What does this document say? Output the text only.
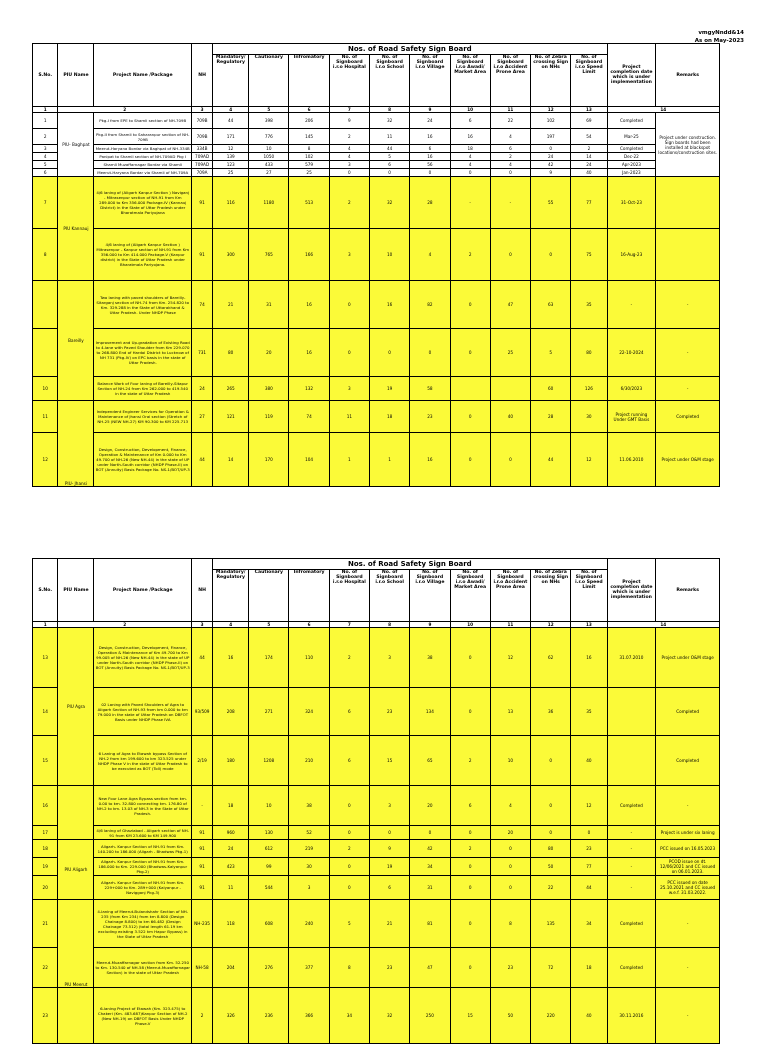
vmgyNndd&14
As on May-2023
S.No.	PIU Name	Project Name /Package	NH	Nos. of Road Safety Sign Board										Project completion date which is under implementation	Remarks
				Mandatory/ Regulatory	Cautionary	Infromatory	No. of Signboard i.r.o Hospital	No. of Signboard i.r.o School	No. of Signboard i.r.o Village	No. of Signboard i.r.o Awadi/ Market Area	No. of Signboard i.r.o Accident Prone Area	No. of Zebra crossing Sign on NHs	No. of Signboard i.r.o Speed Limit		
1	2		3	4	5	6	7	8	9	10	11	12	13	14	
1	PIU- Baghpat	Pkg-I from EPE to Shamli section of NH-709B	709B	44	398	206	9	32	24	6	22	102	69	Completed	Project under construction. Sign boards had been installed at blackspot locations/construction sites.
2		Pkg-II from Shamli to Saharanpur section of NH-709B	709B	171	776	145	2	11	16	16	4	197	54	Mar-25	
3		Meerut-Haryana Bordar via Baghpat of NH-334B	334B	12	10	8	4	44	6	18	6	0	2	Completed	
4		Panipat to Shamli section of NH-709AD Pkg I	709AD	139	1050	102	4	5	16	4	2	24	14	Dec-22	
5		Shamli Muzaffarnagar Bordar via Shamli	709AD	123	433	579	3	6	56	4	4	42	24	Apr-2023	
6		Meerut-Haryana Bordar via Shamli of NH-709A	709A	25	27	25	0	0	0	0	0	9	40	Jan-2023	
7	PIU Kannauj	4/6 laning of (Aligarh Kanpur Section ) Naviganj - Mitrasenpur section of NH-91 from Km 289.000 to Km 356.000 Package-IV (Kannauj District) in the State of Uttar Pradesh under Bharatmala Pariyojana	91	116	1180	513	2	32	28	-	-	55	77	31-Oct-23	
8		4/6 laning of (Aligarh Kanpur Section ) Mitrasenpur - Kanpur section of NH-91 from Km 356.000 to Km 414.000 Package-V (Kanpur district) in the State of Uttar Pradesh under Bharatmala Pariyojana.	91	300	765	166	3	10	4	2	0	0	75	16-Aug-23	
	Bareilly	Two laning with paved shoulders of Bareilly-Sitarganj section of NH-74 from Km. 254.820 to Km. 329.288 in the State of Uttarakhand & Uttar Pradesh. Under NHDP Phase	74	21	31	16	0	16	82	0	47	63	35	-	-
		Improvement and Up-gradation of Existing Road to 4-lane with Paved Shoulder from Km 229.070 to 268.800 End of Hardoi District to Lucknow of NH 731 (Pkg-IV) on EPC basis in the state of Uttar Pradesh.	731	80	20	16	0	0	0	0	25	5	80	22-10-2024	-
10		Balance Work of Four laning of Bareilly-Sitapur Section of NH-24 from Km 262.000 to 419.540 in the state of Uttar Pradesh	24	265	380	132	3	19	58			60	126	6/30/2023	-
11	PIU- Jhansi	Independent Engineer Services for Operation & Maintenance of Jhansi Orai section (Stretch of NH-25 (NEW NH-27) KM 90.300 to KM 225.713	27	121	119	74	11	18	23	0	40	28	30	Project running Under GMT Basis	Completed
12		Design, Construction, Development, Finance, Operation & Maintenance of Km 0.000 to Km 49.700 of NH-26 (New NH-44) in the state of UP under North-South corridor (NHDP Phase-II) on BOT (Annuity) Basis Package No. NS-1/BOT/UP-3	44	14	170	104	1	1	16	0	0	44	12	11.06.2010	Project under O&M stage
S.No.	PIU Name	Project Name /Package	NH	Nos. of Road Safety Sign Board										Project completion date which is under implementation	Remarks
				Mandatory/ Regulatory	Cautionary	Infromatory	No. of Signboard i.r.o Hospital	No. of Signboard i.r.o School	No. of Signboard i.r.o Village	No. of Signboard i.r.o Awadi/ Market Area	No. of Signboard i.r.o Accident Prone Area	No. of Zebra crossing Sign on NHs	No. of Signboard i.r.o Speed Limit		
1	2		3	4	5	6	7	8	9	10	11	12	13	14	
13	PIU Agra	Design, Construction, Development, Finance, Operation & Maintenance of Km 49.700 to Km 99.005 of NH-26 (New NH-44) in the state of UP under North-South corridor (NHDP Phase-II) on BOT (Annuity) Basis Package No. NS-1/BOT/UP-3	44	16	174	110	2	3	38	0	12	62	16	31.07.2010	Project under O&M stage
14		02 Laning with Paved Shoulders of Agra to Aligarh Section of NH-93 from km 0.000 to km 79.000 in the state of Uttar Pradesh on DBFOT Basis under NHDP Phase IVA	93/509	208	271	324	6	23	134	0	13	36	35		Completed
15		6 Laning of Agra to Etawah bypass Section of NH-2 from km 199.600 to km 323.525 under NHDP Phase V in the state of Uttar Pradesh to be executed as BOT (Toll) mode	2/19	180	1208	210	6	15	65	2	10	0	40		Completed
16		New Four Lane Agra Bypass section from km. 0.00 to km. 32.800 connecting km. 176.80 of NH-2 to km. 13.03 of NH-3 in the State of Uttar Pradesh.	-	18	10	38	0	3	20	6	4	0	12	Completed	-
17		4/6 laning of Ghaziabad - Aligarh section of NH-91 from KM 23.600 to KM 149.900	91	960	130	52	0	0	0	0	20	0	0	-	Project is under six laning
18	PIU Aligarh	Aligarh- Kanpur Section of NH-91 from Km. 140.200 to 186.000 (Aligarh - Bhadwas Pkg-1)	91	24	612	219	2	9	42	2	0	80	23	-	PCC issued on 16.05.2023
19		Aligarh- Kanpur Section of NH-91 from Km. 186.000 to Km. 229.000 (Bhadwas-Kalyanpur Pkg-2)	91	423	99	30	0	19	34	0	0	50	77	-	PCOD issue on dt. 12/06/2021 and CC issued on 06.01.2023.
20		Aligarh- Kanpur Section of NH-91 from Km. 229+000 to Km. 289+000 (Kalyanpur - Navigganj Pkg-3)	91	11	544	3	0	6	31	0	0	22	44	-	PCC issued on date 25.10.2021 and CC issued w.e.f. 31.03.2022.
21	PIU Meerut	4-laning of Meerut-Bulandshahr Section of NH-235 (from Km 234) from km 8.800 (Design Chainage 8.800) to km 66.482 (Design Chainage 73.512) (total length 61.19 km excluding existing 3.522 km Hapur Bypass) in the State of Uttar Pradesh	NH-235	118	608	240	5	21	81	0	8	135	34	Completed	-
22		Meerut-Muzaffarnagar section from Km. 52.250 to Km. 130.540 of NH-58 (Meerut-Muzaffarnagar Section) in the state of Uttar Pradesh	NH-58	204	276	377	8	23	47	0	23	72	18	Completed	-
23		6-laning Project of Etawah (Km. 323.475) to Chakeri (Km. 483.687)Kanpur Section of NH-2 (New NH-19) on DBFOT Basis Under NHDP Phase-V	2	326	236	366	34	32	250	15	50	220	40	30.11.2016	-
